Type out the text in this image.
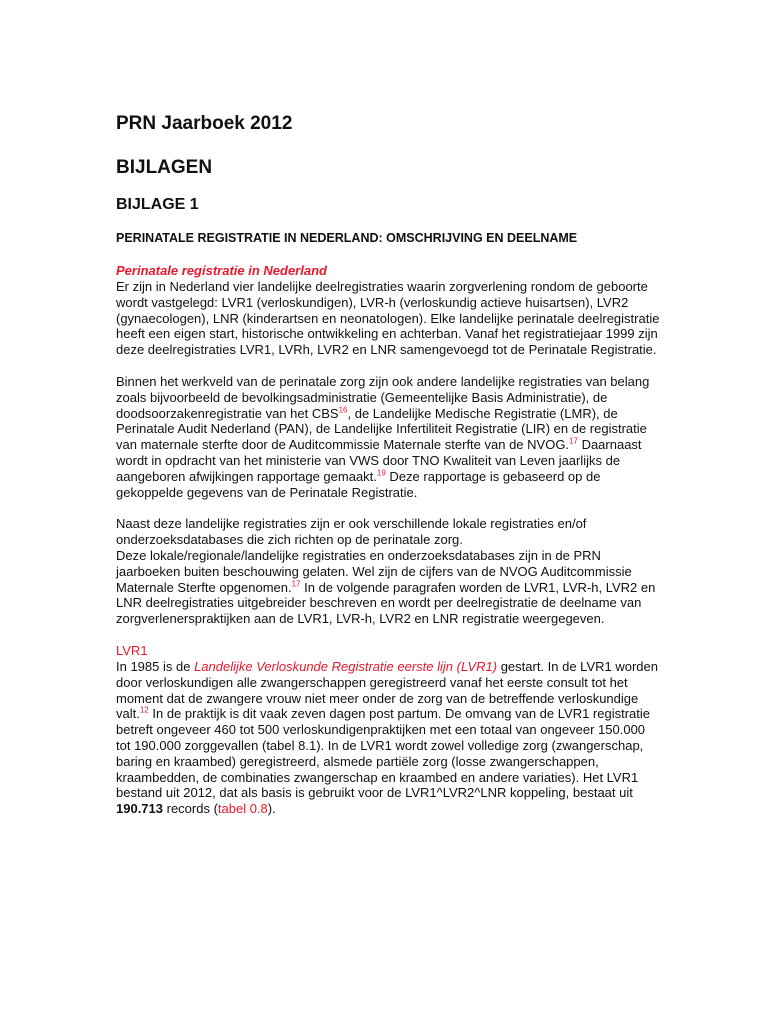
PRN Jaarboek 2012
BIJLAGEN
BIJLAGE 1
PERINATALE REGISTRATIE IN NEDERLAND: OMSCHRIJVING EN DEELNAME
Perinatale registratie in Nederland

Er zijn in Nederland vier landelijke deelregistraties waarin zorgverlening rondom de geboorte wordt vastgelegd: LVR1 (verloskundigen), LVR-h (verloskundig actieve huisartsen), LVR2 (gynaecologen), LNR (kinderartsen en neonatologen). Elke landelijke perinatale deelregistratie heeft een eigen start, historische ontwikkeling en achterban. Vanaf het registratiejaar 1999 zijn deze deelregistraties LVR1, LVRh, LVR2 en LNR samengevoegd tot de Perinatale Registratie.

Binnen het werkveld van de perinatale zorg zijn ook andere landelijke registraties van belang zoals bijvoorbeeld de bevolkingsadministratie (Gemeentelijke Basis Administratie), de doodsoorzakenregistratie van het CBS$^{16}$, de Landelijke Medische Registratie (LMR), de Perinatale Audit Nederland (PAN), de Landelijke Infertiliteit Registratie (LIR) en de registratie van maternale sterfte door de Auditcommissie Maternale sterfte van de NVOG.$^{17}$ Daarnaast wordt in opdracht van het ministerie van VWS door TNO Kwaliteit van Leven jaarlijks de aangeboren afwijkingen rapportage gemaakt.$^{19}$ Deze rapportage is gebaseerd op de gekoppelde gegevens van de Perinatale Registratie.

Naast deze landelijke registraties zijn er ook verschillende lokale registraties en/of onderzoeksdatabases die zich richten op de perinatale zorg.
Deze lokale/regionale/landelijke registraties en onderzoeksdatabases zijn in de PRN jaarboeken buiten beschouwing gelaten. Wel zijn de cijfers van de NVOG Auditcommissie Maternale Sterfte opgenomen.$^{17}$ In de volgende paragrafen worden de LVR1, LVR-h, LVR2 en LNR deelregistraties uitgebreider beschreven en wordt per deelregistratie de deelname van zorgverlenerspraktijken aan de LVR1, LVR-h, LVR2 en LNR registratie weergegeven.

LVR1

In 1985 is de Landelijke Verloskunde Registratie eerste lijn (LVR1) gestart. In de LVR1 worden door verloskundigen alle zwangerschappen geregistreerd vanaf het eerste consult tot het moment dat de zwangere vrouw niet meer onder de zorg van de betreffende verloskundige valt.$^{12}$ In de praktijk is dit vaak zeven dagen post partum. De omvang van de LVR1 registratie betreft ongeveer 460 tot 500 verloskundigenpraktijken met een totaal van ongeveer 150.000 tot 190.000 zorggevallen (tabel 8.1). In de LVR1 wordt zowel volledige zorg (zwangerschap, baring en kraambed) geregistreerd, alsmede partiële zorg (losse zwangerschappen, kraambedden, de combinaties zwangerschap en kraambed en andere variaties). Het LVR1 bestand uit 2012, dat als basis is gebruikt voor de LVR1^LVR2^LNR koppeling, bestaat uit 190.713 records (tabel 0.8).
